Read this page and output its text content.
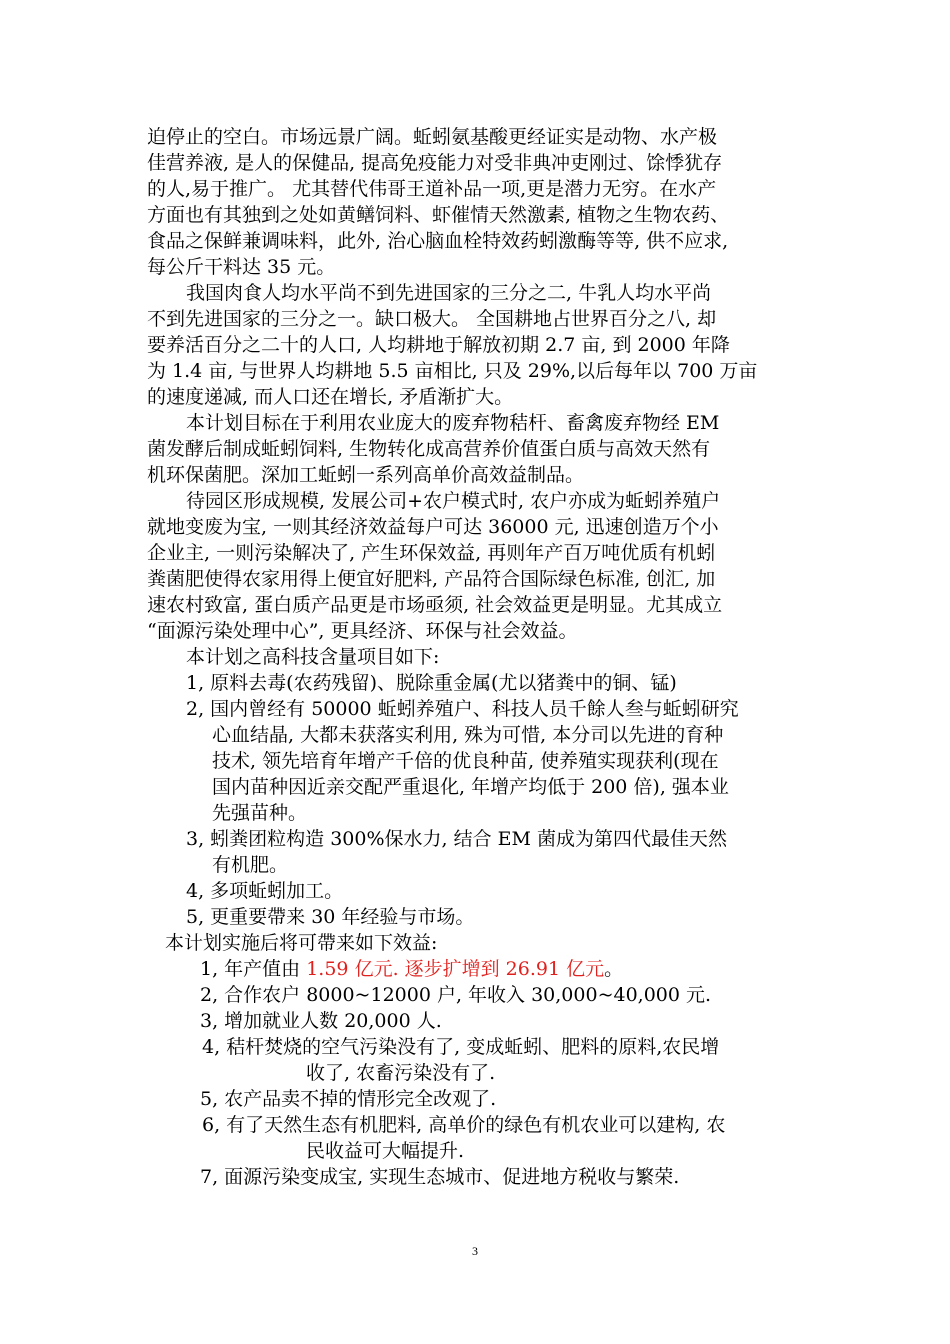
迫停止的空白。市场远景广阔。蚯蚓氨基酸更经证实是动物、水产极
佳营养液, 是人的保健品, 提高免疫能力对受非典冲吏刚过、馀悸犹存
的人,易于推广。 尤其替代伟哥王道补品一项,更是潜力无穷。在水产
方面也有其独到之处如黄鳝饲料、虾催情天然激素, 植物之生物农药、
食品之保鲜兼调味料，此外, 治心脑血栓特效药蚓激酶等等, 供不应求,
每公斤干料达 35 元。
我国肉食人均水平尚不到先进国家的三分之二, 牛乳人均水平尚
不到先进国家的三分之一。缺口极大。 全国耕地占世界百分之八, 却
要养活百分之二十的人口, 人均耕地于解放初期 2.7 亩, 到 2000 年降
为 1.4 亩, 与世界人均耕地 5.5 亩相比, 只及 29%,以后每年以 700 万亩
的速度递减, 而人口还在增长, 矛盾渐扩大。
本计划目标在于利用农业庞大的废弃物秸杆、畜禽废弃物经 EM
菌发酵后制成蚯蚓饲料, 生物转化成高营养价值蛋白质与高效天然有
机环保菌肥。深加工蚯蚓一系列高单价高效益制品。
待园区形成规模, 发展公司+农户模式时, 农户亦成为蚯蚓养殖户
就地变废为宝, 一则其经济效益每户可达 36000 元, 迅速创造万个小
企业主, 一则污染解决了, 产生环保效益, 再则年产百万吨优质有机蚓
粪菌肥使得农家用得上便宜好肥料, 产品符合国际绿色标准, 创汇, 加
速农村致富, 蛋白质产品更是市场亟须, 社会效益更是明显。尤其成立
“面源污染处理中心”, 更具经济、环保与社会效益。
本计划之高科技含量项目如下:
1, 原料去毒(农药残留)、脱除重金属(尤以猪粪中的铜、锰)
2, 国内曾经有 50000 蚯蚓养殖户、科技人员千餘人叁与蚯蚓研究
心血结晶, 大都未获落实利用, 殊为可惜, 本分司以先进的育种
技术, 领先培育年增产千倍的优良种苗, 使养殖实现获利(现在
国内苗种因近亲交配严重退化, 年增产均低于 200 倍), 强本业
先强苗种。
3, 蚓粪团粒构造 300%保水力, 结合 EM 菌成为第四代最佳天然
有机肥。
4, 多项蚯蚓加工。
5, 更重要帶来 30 年经验与市场。
本计划实施后将可帶来如下效益:
1, 年产值由 1.59 亿元. 逐步扩增到 26.91 亿元。
2, 合作农户 8000~12000 户, 年收入 30,000~40,000 元.
3, 增加就业人数 20,000 人.
4, 秸杆焚烧的空气污染没有了, 变成蚯蚓、肥料的原料,农民增
收了, 农畜污染没有了.
5, 农产品卖不掉的情形完全改观了.
6, 有了天然生态有机肥料, 高单价的绿色有机农业可以建构, 农
民收益可大幅提升.
7, 面源污染变成宝, 实现生态城市、促进地方税收与繁荣.
3
